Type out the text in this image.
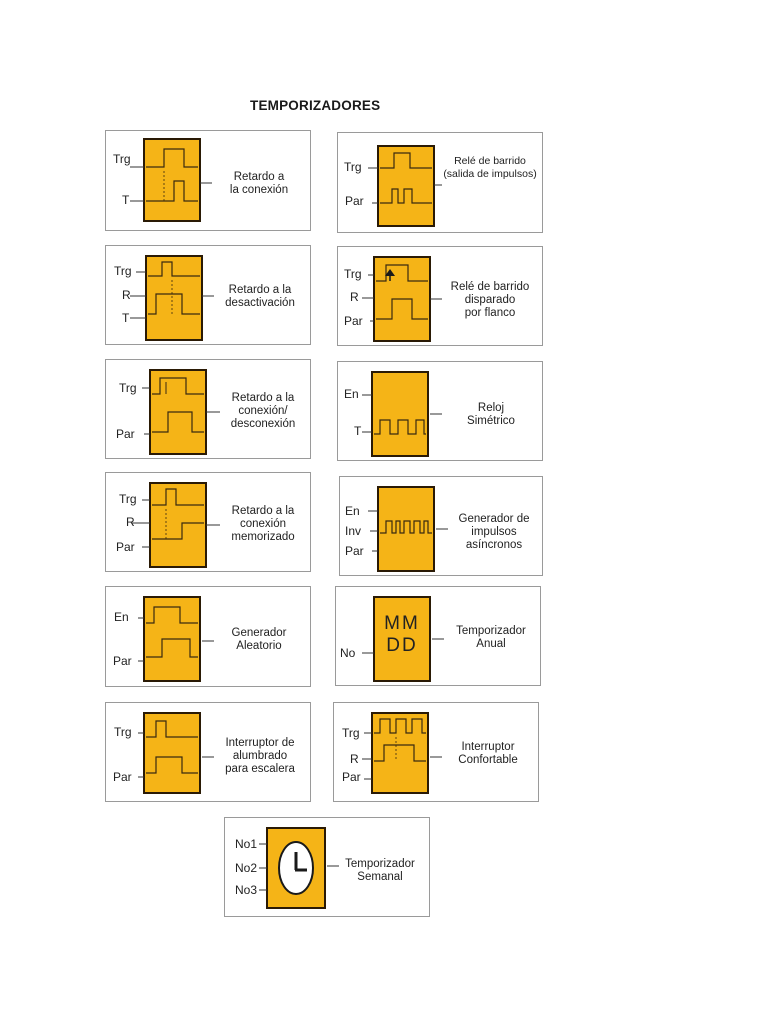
TEMPORIZADORES
Trg
T
Retardo a
la conexión
Trg
Par
Relé de barrido
(salida de impulsos)
Trg
R
T
Retardo a la
desactivación
Trg
R
Par
Relé de barrido
disparado
por flanco
Trg
Par
Retardo a la
conexión/
desconexión
En
T
Reloj
Simétrico
Trg
R
Par
Retardo a la
conexión
memorizado
En
Inv
Par
Generador de
impulsos
asíncronos
En
Par
Generador
Aleatorio
MM
DD
No
Temporizador
Anual
Trg
Par
Interruptor de
alumbrado
para escalera
Trg
R
Par
Interruptor
Confortable
No1
No2
No3
Temporizador
Semanal
